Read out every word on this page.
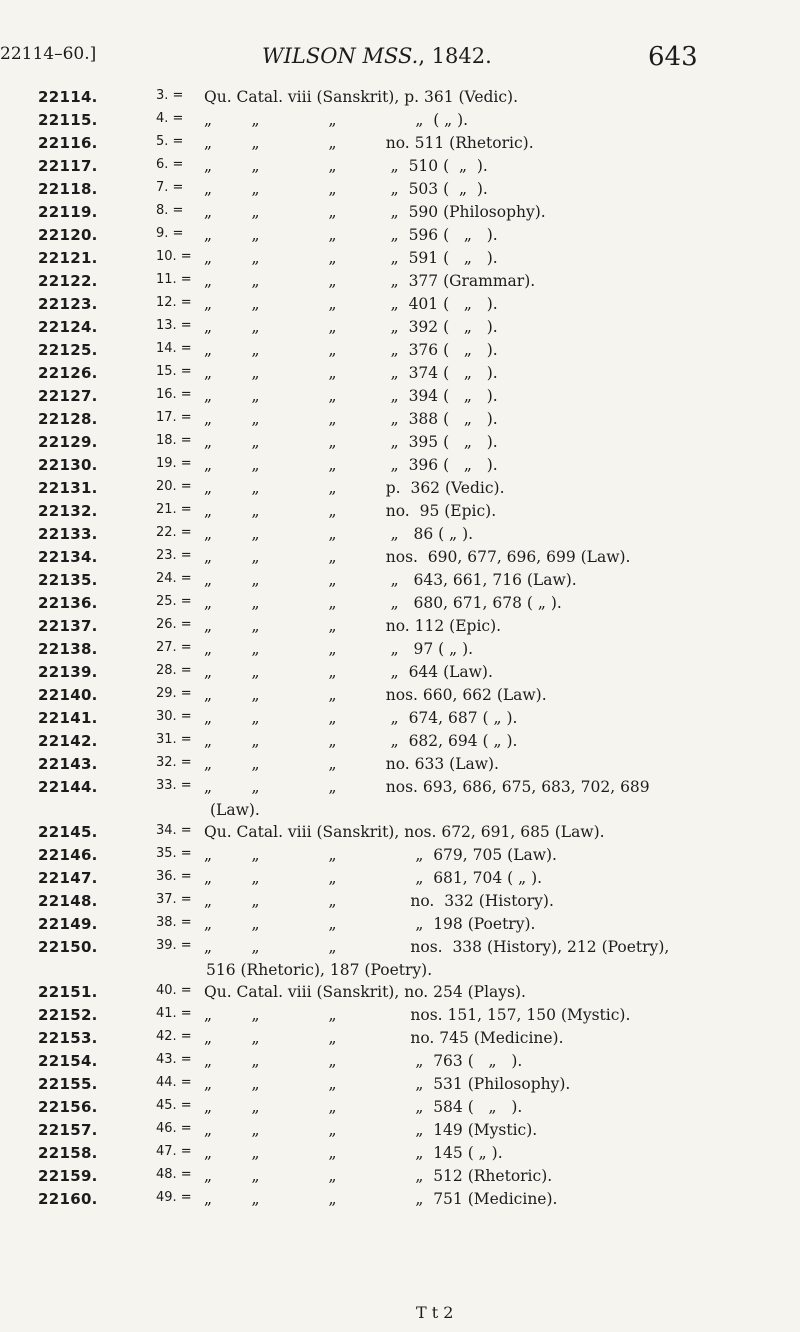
22114–60.]	WILSON MSS., 1842.	643
22114.	3. =	Qu. Catal. viii (Sanskrit), p. 361 (Vedic).
22115.	4. =	„        „              „                „  ( „ ).
22116.	5. =	„        „              „          no. 511 (Rhetoric).
22117.	6. =	„        „              „           „  510 (  „  ).
22118.	7. =	„        „              „           „  503 (  „  ).
22119.	8. =	„        „              „           „  590 (Philosophy).
22120.	9. =	„        „              „           „  596 (   „   ).
22121.	10. = „        „              „           „  591 (   „   ).
22122.	11. = „        „              „           „  377 (Grammar).
22123.	12. = „        „              „           „  401 (   „   ).
22124.	13. = „        „              „           „  392 (   „   ).
22125.	14. = „        „              „           „  376 (   „   ).
22126.	15. = „        „              „           „  374 (   „   ).
22127.	16. = „        „              „           „  394 (   „   ).
22128.	17. = „        „              „           „  388 (   „   ).
22129.	18. = „        „              „           „  395 (   „   ).
22130.	19. = „        „              „           „  396 (   „   ).
22131.	20. = „        „              „          p.  362 (Vedic).
22132.	21. = „        „              „          no.  95 (Epic).
22133.	22. = „        „              „           „   86 ( „ ).
22134.	23. = „        „              „          nos.  690, 677, 696, 699 (Law).
22135.	24. = „        „              „           „   643, 661, 716 (Law).
22136.	25. = „        „              „           „   680, 671, 678 ( „ ).
22137.	26. = „        „              „          no. 112 (Epic).
22138.	27. = „        „              „           „   97 ( „ ).
22139.	28. = „        „              „           „  644 (Law).
22140.	29. = „        „              „          nos. 660, 662 (Law).
22141.	30. = „        „              „           „  674, 687 ( „ ).
22142.	31. = „        „              „           „  682, 694 ( „ ).
22143.	32. = „        „              „          no. 633 (Law).
22144.	33. = „        „              „          nos. 693, 686, 675, 683, 702, 689
(Law).
22145.	34. = Qu. Catal. viii (Sanskrit), nos. 672, 691, 685 (Law).
22146.	35. = „        „              „                „  679, 705 (Law).
22147.	36. = „        „              „                „  681, 704 ( „ ).
22148.	37. = „        „              „               no.  332 (History).
22149.	38. = „        „              „                „  198 (Poetry).
22150.	39. = „        „              „               nos.  338 (History), 212 (Poetry),
516 (Rhetoric), 187 (Poetry).
22151.	40. = Qu. Catal. viii (Sanskrit), no. 254 (Plays).
22152.	41. = „        „              „               nos. 151, 157, 150 (Mystic).
22153.	42. = „        „              „               no. 745 (Medicine).
22154.	43. = „        „              „                „  763 (   „   ).
22155.	44. = „        „              „                „  531 (Philosophy).
22156.	45. = „        „              „                „  584 (   „   ).
22157.	46. = „        „              „                „  149 (Mystic).
22158.	47. = „        „              „                „  145 ( „ ).
22159.	48. = „        „              „                „  512 (Rhetoric).
22160.	49. = „        „              „                „  751 (Medicine).
T t 2
